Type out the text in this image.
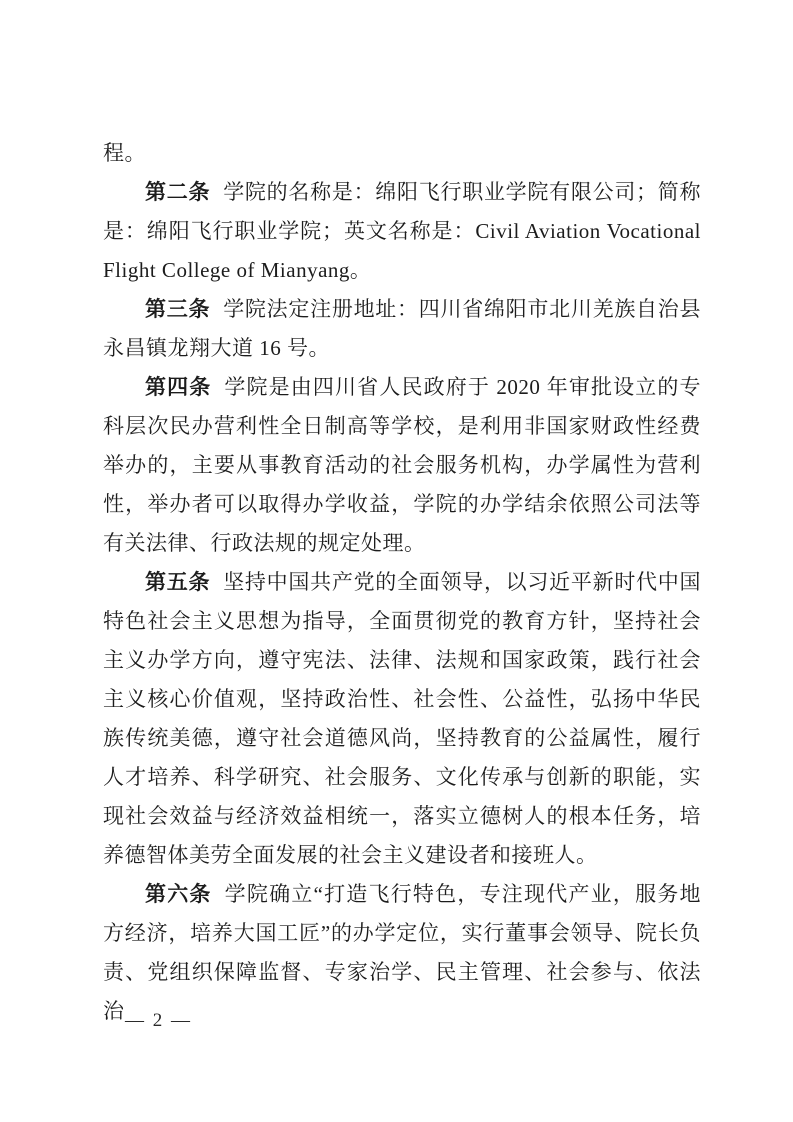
程。

第二条 学院的名称是：绵阳飞行职业学院有限公司；简称是：绵阳飞行职业学院；英文名称是：Civil Aviation Vocational Flight College of Mianyang。

第三条 学院法定注册地址：四川省绵阳市北川羌族自治县永昌镇龙翔大道 16 号。

第四条 学院是由四川省人民政府于 2020 年审批设立的专科层次民办营利性全日制高等学校，是利用非国家财政性经费举办的，主要从事教育活动的社会服务机构，办学属性为营利性，举办者可以取得办学收益，学院的办学结余依照公司法等有关法律、行政法规的规定处理。

第五条 坚持中国共产党的全面领导，以习近平新时代中国特色社会主义思想为指导，全面贯彻党的教育方针，坚持社会主义办学方向，遵守宪法、法律、法规和国家政策，践行社会主义核心价值观，坚持政治性、社会性、公益性，弘扬中华民族传统美德，遵守社会道德风尚，坚持教育的公益属性，履行人才培养、科学研究、社会服务、文化传承与创新的职能，实现社会效益与经济效益相统一，落实立德树人的根本任务，培养德智体美劳全面发展的社会主义建设者和接班人。

第六条 学院确立“打造飞行特色，专注现代产业，服务地方经济，培养大国工匠”的办学定位，实行董事会领导、院长负责、党组织保障监督、专家治学、民主管理、社会参与、依法治 — 2 —
